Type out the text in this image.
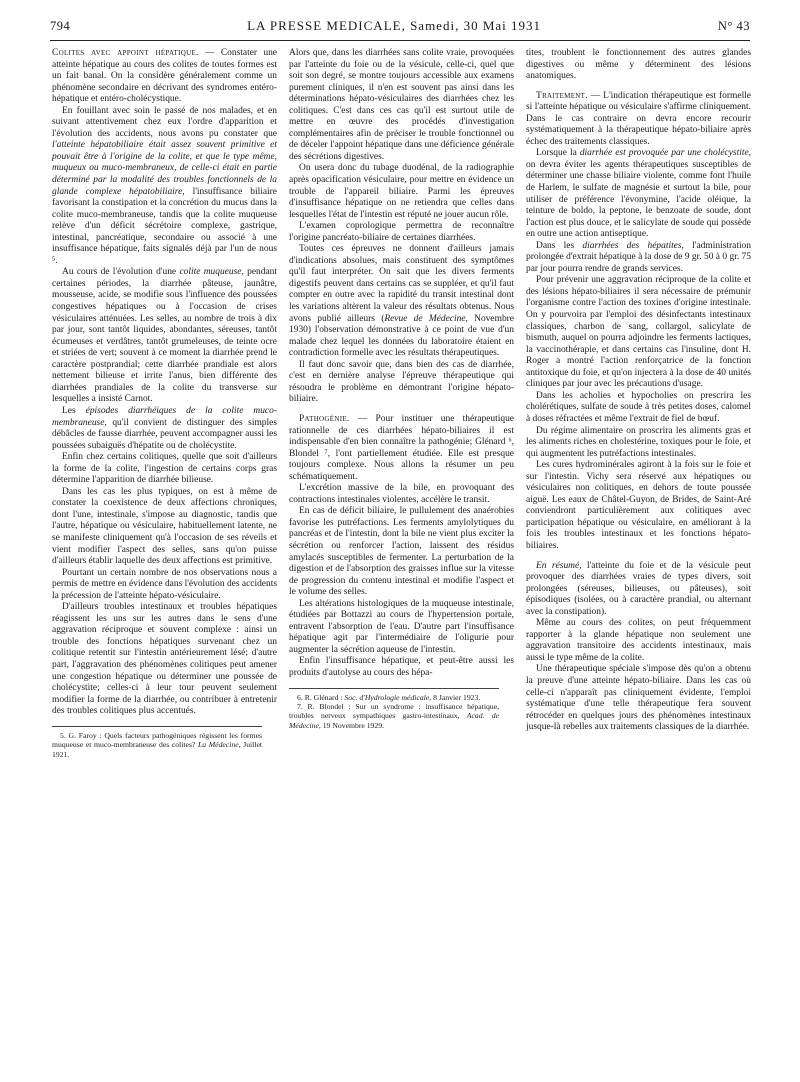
794	LA PRESSE MEDICALE, Samedi, 30 Mai 1931	N° 43

Colites avec appoint hépatique. — Constater une atteinte hépatique au cours des colites de toutes formes est un fait banal. On la considère généralement comme un phénomène secondaire en décrivant des syndromes entéro-hépatique et entéro-cholécystique.

En fouillant avec soin le passé de nos malades, et en suivant attentivement chez eux l'ordre d'apparition et l'évolution des accidents, nous avons pu constater que l'atteinte hépatobiliaire était assez souvent primitive et pouvait être à l'origine de la colite, et que le type même, muqueux ou muco-membraneux, de celle-ci était en partie déterminé par la modalité des troubles fonctionnels de la glande complexe hépatobiliaire, l'insuffisance biliaire favorisant la constipation et la concrétion du mucus dans la colite muco-membraneuse, tandis que la colite muqueuse relève d'un déficit sécrétoire complexe, gastrique, intestinal, pancréatique, secondaire ou associé à une insuffisance hépatique, faits signalés déjà par l'un de nous ⁵.

Au cours de l'évolution d'une colite muqueuse, pendant certaines périodes, la diarrhée pâteuse, jaunâtre, mousseuse, acide, se modifie sous l'influence des poussées congestives hépatiques ou à l'occasion de crises vésiculaires atténuées. Les selles, au nombre de trois à dix par jour, sont tantôt liquides, abondantes, séreuses, tantôt écumeuses et verdâtres, tantôt grumeleuses, de teinte ocre et striées de vert; souvent à ce moment la diarrhée prend le caractère postprandial; cette diarrhée prandiale est alors nettement bilieuse et irrite l'anus, bien différente des diarrhées prandiales de la colite du transverse sur lesquelles a insisté Carnot.

Les épisodes diarrhéiques de la colite muco-membraneuse, qu'il convient de distinguer des simples débâcles de fausse diarrhée, peuvent accompagner aussi les poussées subaiguës d'hépatite ou de cholécystite.

Enfin chez certains colitiques, quelle que soit d'ailleurs la forme de la colite, l'ingestion de certains corps gras détermine l'apparition de diarrhée bilieuse.

Dans les cas les plus typiques, on est à même de constater la coexistence de deux affections chroniques, dont l'une, intestinale, s'impose au diagnostic, tandis que l'autre, hépatique ou vésiculaire, habituellement latente, ne se manifeste cliniquement qu'à l'occasion de ses réveils et vient modifier l'aspect des selles, sans qu'on puisse d'ailleurs établir laquelle des deux affections est primitive.

Pourtant un certain nombre de nos observations nous a permis de mettre en évidence dans l'évolution des accidents la précession de l'atteinte hépato-vésiculaire.

D'ailleurs troubles intestinaux et troubles hépatiques réagissent les uns sur les autres dans le sens d'une aggravation réciproque et souvent complexe : ainsi un trouble des fonctions hépatiques survenant chez un colitique retentit sur l'intestin antérieurement lésé; d'autre part, l'aggravation des phénomènes colitiques peut amener une congestion hépatique ou déterminer une poussée de cholécystite; celles-ci à leur tour peuvent seulement modifier la forme de la diarrhée, ou contribuer à entretenir des troubles colitiques plus accentués.

5. G. Faroy : Quels facteurs pathogéniques régissent les formes muqueuse et muco-membraneuse des colites? La Médecine, Juillet 1921.

Alors que, dans les diarrhées sans colite vraie, provoquées par l'atteinte du foie ou de la vésicule, celle-ci, quel que soit son degré, se montre toujours accessible aux examens purement cliniques, il n'en est souvent pas ainsi dans les déterminations hépato-vésiculaires des diarrhées chez les colitiques. C'est dans ces cas qu'il est surtout utile de mettre en œuvre des procédés d'investigation complémentaires afin de préciser le trouble fonctionnel ou de déceler l'appoint hépatique dans une déficience générale des sécrétions digestives.

On usera donc du tubage duodénal, de la radiographie après opacification vésiculaire, pour mettre en évidence un trouble de l'appareil biliaire. Parmi les épreuves d'insuffisance hépatique on ne retiendra que celles dans lesquelles l'état de l'intestin est réputé ne jouer aucun rôle.

L'examen coprologique permettra de reconnaître l'origine pancréato-biliaire de certaines diarrhées.

Toutes ces épreuves ne donnent d'ailleurs jamais d'indications absolues, mais constituent des symptômes qu'il faut interpréter. On sait que les divers ferments digestifs peuvent dans certains cas se suppléer, et qu'il faut compter en outre avec la rapidité du transit intestinal dont les variations altèrent la valeur des résultats obtenus. Nous avons publié ailleurs (Revue de Médecine, Novembre 1930) l'observation démonstrative à ce point de vue d'un malade chez lequel les données du laboratoire étaient en contradiction formelle avec les résultats thérapeutiques.

Il faut donc savoir que, dans bien des cas de diarrhée, c'est en dernière analyse l'épreuve thérapeutique qui résoudra le problème en démontrant l'origine hépato-biliaire.

Pathogénie. — Pour instituer une thérapeutique rationnelle de ces diarrhées hépato-biliaires il est indispensable d'en bien connaître la pathogénie; Glénard ⁶, Blondel ⁷, l'ont partiellement étudiée. Elle est presque toujours complexe. Nous allons la résumer un peu schématiquement.

L'excrétion massive de la bile, en provoquant des contractions intestinales violentes, accélère le transit.

En cas de déficit biliaire, le pullulement des anaérobies favorise les putréfactions. Les ferments amylolytiques du pancréas et de l'intestin, dont la bile ne vient plus exciter la sécrétion ou renforcer l'action, laissent des résidus amylacés susceptibles de fermenter. La perturbation de la digestion et de l'absorption des graisses influe sur la vitesse de progression du contenu intestinal et modifie l'aspect et le volume des selles.

Les altérations histologiques de la muqueuse intestinale, étudiées par Bottazzi au cours de l'hypertension portale, entravent l'absorption de l'eau. D'autre part l'insuffisance hépatique agit par l'intermédiaire de l'oligurie pour augmenter la sécrétion aqueuse de l'intestin.

Enfin l'insuffisance hépatique, et peut-être aussi les produits d'autolyse au cours des hépa-

6. R. Glénard : Soc. d'Hydrologie médicale, 8 Janvier 1923.

7. R. Blondel : Sur un syndrome : insuffisance hépatique, troubles nerveux sympathiques gastro-intestinaux, Acad. de Médecine, 19 Novembre 1929.

tites, troublent le fonctionnement des autres glandes digestives ou même y déterminent des lésions anatomiques.

Traitement. — L'indication thérapeutique est formelle si l'atteinte hépatique ou vésiculaire s'affirme cliniquement. Dans le cas contraire on devra encore recourir systématiquement à la thérapeutique hépato-biliaire après échec des traitements classiques.

Lorsque la diarrhée est provoquée par une cholécystite, on devra éviter les agents thérapeutiques susceptibles de déterminer une chasse biliaire violente, comme font l'huile de Harlem, le sulfate de magnésie et surtout la bile, pour utiliser de préférence l'évonymine, l'acide oléique, la teinture de boldo, la peptone, le benzoate de soude, dont l'action est plus douce, et le salicylate de soude qui possède en outre une action antiseptique.

Dans les diarrhées des hépatites, l'administration prolongée d'extrait hépatique à la dose de 9 gr. 50 à 0 gr. 75 par jour pourra rendre de grands services.

Pour prévenir une aggravation réciproque de la colite et des lésions hépato-biliaires il sera nécessaire de prémunir l'organisme contre l'action des toxines d'origine intestinale. On y pourvoira par l'emploi des désinfectants intestinaux classiques, charbon de sang, collargol, salicylate de bismuth, auquel on pourra adjoindre les ferments lactiques, la vaccinothérapie, et dans certains cas l'insuline, dont H. Roger a montré l'action renforçatrice de la fonction antitoxique du foie, et qu'on injectera à la dose de 40 unités cliniques par jour avec les précautions d'usage.

Dans les acholies et hypocholies on prescrira les cholérétiques, sulfate de soude à très petites doses, calomel à doses réfractées et même l'extrait de fiel de bœuf.

Du régime alimentaire on proscrira les aliments gras et les aliments riches en cholestérine, toxiques pour le foie, et qui augmentent les putréfactions intestinales.

Les cures hydrominérales agiront à la fois sur le foie et sur l'intestin. Vichy sera réservé aux hépatiques ou vésiculaires non colitiques, en dehors de toute poussée aiguë. Les eaux de Châtel-Guyon, de Brides, de Saint-Aré conviendront particulièrement aux colitiques avec participation hépatique ou vésiculaire, en améliorant à la fois les troubles intestinaux et les fonctions hépato-biliaires.

En résumé, l'atteinte du foie et de la vésicule peut provoquer des diarrhées vraies de types divers, soit prolongées (séreuses, bilieuses, ou pâteuses), soit épisodiques (isolées, ou à caractère prandial, ou alternant avec la constipation).

Même au cours des colites, on peut fréquemment rapporter à la glande hépatique non seulement une aggravation transitoire des accidents intestinaux, mais aussi le type même de la colite.

Une thérapeutique spéciale s'impose dès qu'on a obtenu la preuve d'une atteinte hépato-biliaire. Dans les cas où celle-ci n'apparaît pas cliniquement évidente, l'emploi systématique d'une telle thérapeutique fera souvent rétrocéder en quelques jours des phénomènes intestinaux jusque-là rebelles aux traitements classiques de la diarrhée.
